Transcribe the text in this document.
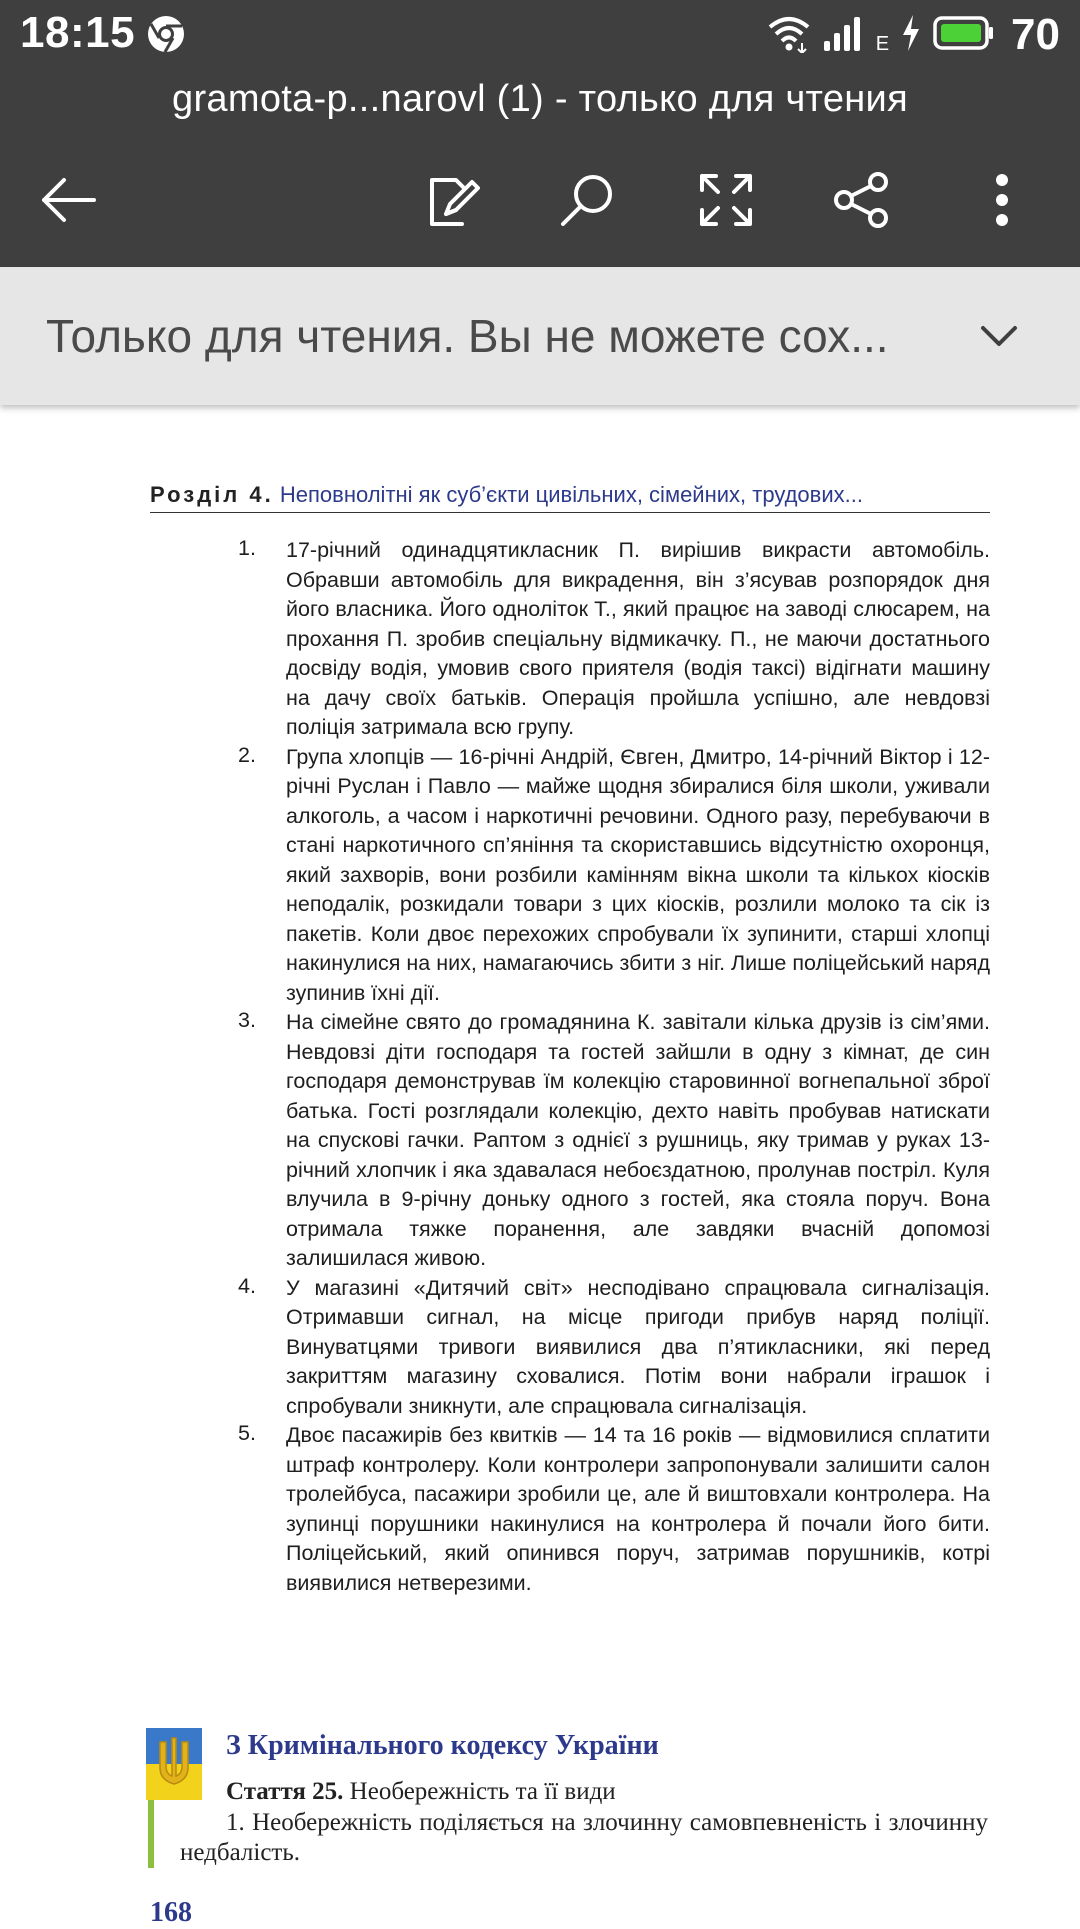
18:15	E	70
gramota-p...narovl (1) - только для чтения
Только для чтения. Вы не можете сох...
Розділ 4. Неповнолітні як суб’єкти цивільних, сімейних, трудових...
1. 17-річний одинадцятикласник П. вирішив викрасти автомобіль. Обравши автомобіль для викрадення, він з’ясував розпорядок дня його власника. Його однолiток Т., який працює на заводі слюсарем, на прохання П. зробив спеціальну відмикачку. П., не маючи достатнього досвіду водія, умовив свого приятеля (водія таксі) відігнати машину на дачу своїх батьків. Операція пройшла успішно, але невдовзі поліція затримала всю групу.
2. Група хлопців — 16-річні Андрій, Євген, Дмитро, 14-річний Віктор і 12-річні Руслан і Павло — майже щодня збиралися біля школи, уживали алкоголь, а часом і наркотичні речовини. Одного разу, перебуваючи в стані наркотичного сп’яніння та скориставшись відсутністю охоронця, який захворів, вони розбили камінням вікна школи та кількох кіосків неподалік, розкидали товари з цих кіосків, розлили молоко та сік із пакетів. Коли двоє перехожих спробували їх зупинити, старші хлопці накинулися на них, намагаючись збити з ніг. Лише поліцейський наряд зупинив їхні дії.
3. На сімейне свято до громадянина К. завітали кілька друзів із сім’ями. Невдовзі діти господаря та гостей зайшли в одну з кімнат, де син господаря демонстрував їм колекцію старовинної вогнепальної зброї батька. Гості розглядали колекцію, дехто навіть пробував натискати на спускові гачки. Раптом з однієї з рушниць, яку тримав у руках 13-річний хлопчик і яка здавалася небоєздатною, пролунав постріл. Куля влучила в 9-річну доньку одного з гостей, яка стояла поруч. Вона отримала тяжке поранення, але завдяки вчасній допомозі залишилася живою.
4. У магазині «Дитячий світ» несподівано спрацювала сигналізація. Отримавши сигнал, на місце пригоди прибув наряд поліції. Винуватцями тривоги виявилися два п’ятикласники, які перед закриттям магазину сховалися. Потім вони набрали іграшок і спробували зникнути, але спрацювала сигналізація.
5. Двоє пасажирів без квитків — 14 та 16 років — відмовилися сплатити штраф контролеру. Коли контролери запропонували залишити салон тролейбуса, пасажири зробили це, але й виштовхали контролера. На зупинці порушники накинулися на контролера й почали його бити. Поліцейський, який опинився поруч, затримав порушників, котрі виявилися нетверезими.
З Кримінального кодексу України
Стаття 25. Необережність та її види
1. Необережність поділяється на злочинну самовпевненість і злочинну недбалість.
168
